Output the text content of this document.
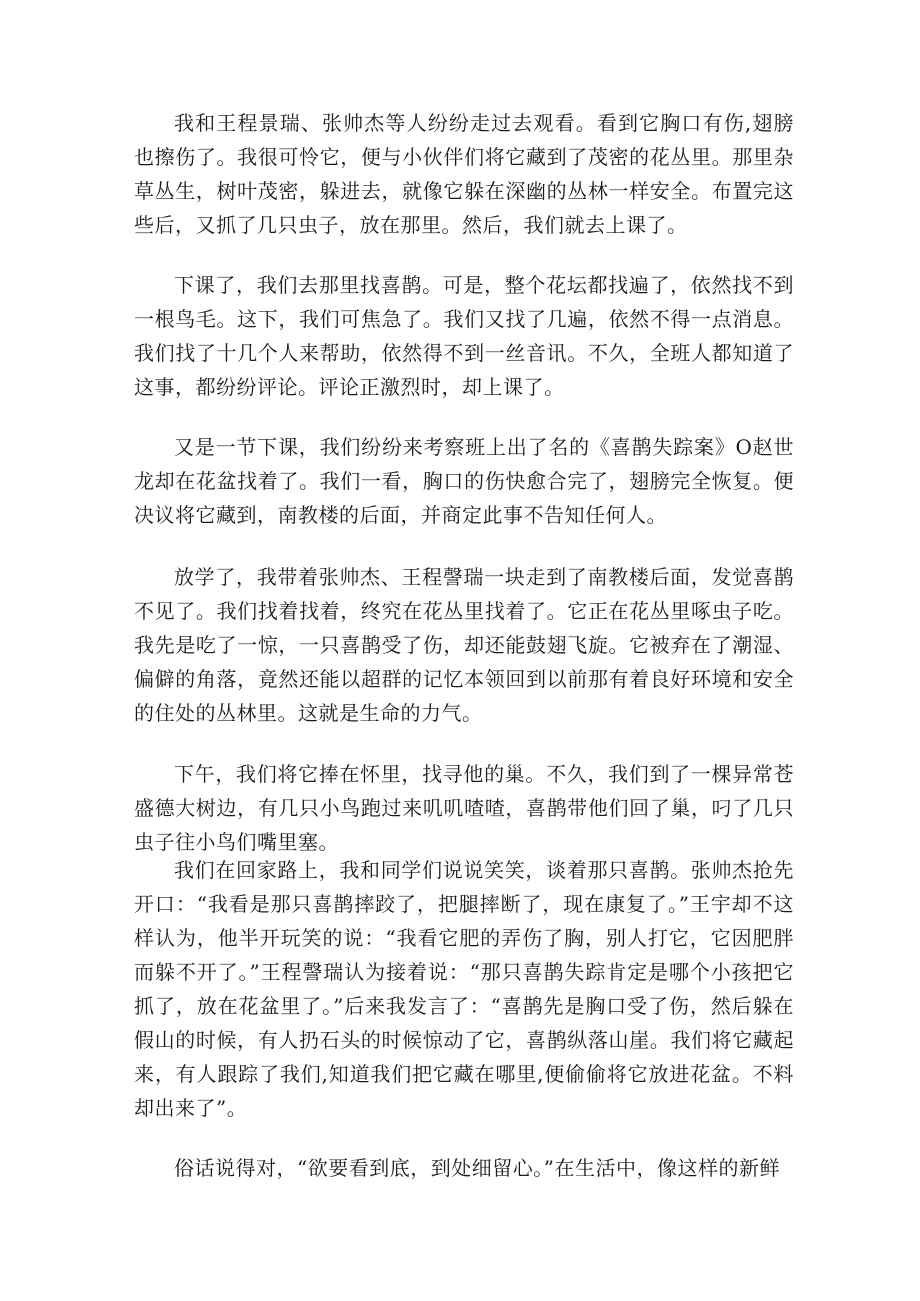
我和王程景瑞、张帅杰等人纷纷走过去观看。看到它胸口有伤,翅膀也擦伤了。我很可怜它，便与小伙伴们将它藏到了茂密的花丛里。那里杂草丛生，树叶茂密，躲进去，就像它躲在深幽的丛林一样安全。布置完这些后，又抓了几只虫子，放在那里。然后，我们就去上课了。

下课了，我们去那里找喜鹊。可是，整个花坛都找遍了，依然找不到一根鸟毛。这下，我们可焦急了。我们又找了几遍，依然不得一点消息。我们找了十几个人来帮助，依然得不到一丝音讯。不久，全班人都知道了这事，都纷纷评论。评论正激烈时，却上课了。

又是一节下课，我们纷纷来考察班上出了名的《喜鹊失踪案》O赵世龙却在花盆找着了。我们一看，胸口的伤快愈合完了，翅膀完全恢复。便决议将它藏到，南教楼的后面，并商定此事不告知任何人。

放学了，我带着张帅杰、王程謦瑞一块走到了南教楼后面，发觉喜鹊不见了。我们找着找着，终究在花丛里找着了。它正在花丛里啄虫子吃。我先是吃了一惊，一只喜鹊受了伤，却还能鼓翅飞旋。它被弃在了潮湿、偏僻的角落，竟然还能以超群的记忆本领回到以前那有着良好环境和安全的住处的丛林里。这就是生命的力气。

下午，我们将它捧在怀里，找寻他的巢。不久，我们到了一棵异常苍盛德大树边，有几只小鸟跑过来叽叽喳喳，喜鹊带他们回了巢，叼了几只虫子往小鸟们嘴里塞。

我们在回家路上，我和同学们说说笑笑，谈着那只喜鹊。张帅杰抢先开口：“我看是那只喜鹊摔跤了，把腿摔断了，现在康复了。”王宇却不这样认为，他半开玩笑的说：“我看它肥的弄伤了胸，别人打它，它因肥胖而躲不开了。”王程謦瑞认为接着说：“那只喜鹊失踪肯定是哪个小孩把它抓了，放在花盆里了。”后来我发言了：“喜鹊先是胸口受了伤，然后躲在假山的时候，有人扔石头的时候惊动了它，喜鹊纵落山崖。我们将它藏起来，有人跟踪了我们,知道我们把它藏在哪里,便偷偷将它放进花盆。不料却出来了”。

俗话说得对，“欲要看到底，到处细留心。”在生活中，像这样的新鲜
